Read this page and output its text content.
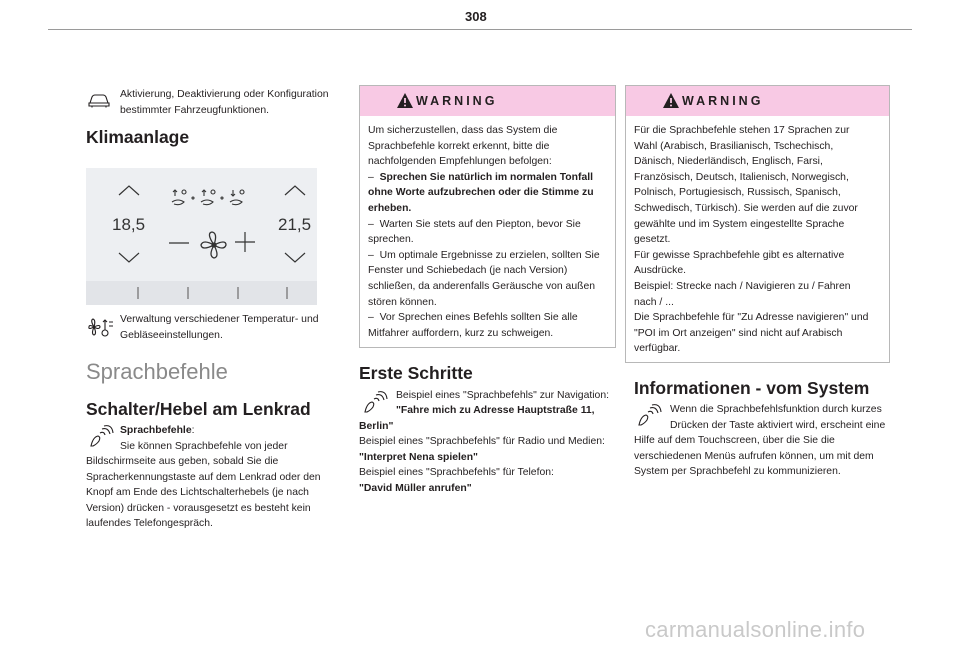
308
Aktivierung, Deaktivierung oder Konfiguration bestimmter Fahrzeugfunktionen.
Klimaanlage
18,5	21,5
Verwaltung verschiedener Temperatur- und Gebläseeinstellungen.
Sprachbefehle
Schalter/Hebel am Lenkrad

Sprachbefehle:

Sie können Sprachbefehle von jeder

Bildschirmseite aus geben, sobald Sie die Spracherkennungstaste auf dem Lenkrad oder den Knopf am Ende des Lichtschalterhebels (je nach Version) drücken - vorausgesetzt es besteht kein laufendes Telefongespräch.
WARNING

Um sicherzustellen, dass das System die Sprachbefehle korrekt erkennt, bitte die nachfolgenden Empfehlungen befolgen:

– Sprechen Sie natürlich im normalen Tonfall ohne Worte aufzubrechen oder die Stimme zu erheben.

– Warten Sie stets auf den Piepton, bevor Sie sprechen.

– Um optimale Ergebnisse zu erzielen, sollten Sie Fenster und Schiebedach (je nach Version) schließen, da anderenfalls Geräusche von außen stören können.

– Vor Sprechen eines Befehls sollten Sie alle Mitfahrer auffordern, kurz zu schweigen.

Erste Schritte
Beispiel eines "Sprachbefehls" zur Navigation:
"Fahre mich zu Adresse Hauptstraße 11, Berlin"

Beispiel eines "Sprachbefehls" für Radio und Medien:

"Interpret Nena spielen"

Beispiel eines "Sprachbefehls" für Telefon:

"David Müller anrufen"

WARNING

Für die Sprachbefehle stehen 17 Sprachen zur Wahl (Arabisch, Brasilianisch, Tschechisch, Dänisch, Niederländisch, Englisch, Farsi, Französisch, Deutsch, Italienisch, Norwegisch, Polnisch, Portugiesisch, Russisch, Spanisch, Schwedisch, Türkisch). Sie werden auf die zuvor gewählte und im System eingestellte Sprache gesetzt.

Für gewisse Sprachbefehle gibt es alternative Ausdrücke.

Beispiel: Strecke nach / Navigieren zu / Fahren nach / ...

Die Sprachbefehle für "Zu Adresse navigieren" und "POI im Ort anzeigen" sind nicht auf Arabisch verfügbar.

Informationen - vom System

Wenn die Sprachbefehlsfunktion durch kurzes

Drücken der Taste aktiviert wird, erscheint eine

Hilfe auf dem Touchscreen, über die Sie die verschiedenen Menüs aufrufen können, um mit dem System per Sprachbefehl zu kommunizieren.
carmanualsonline.info
